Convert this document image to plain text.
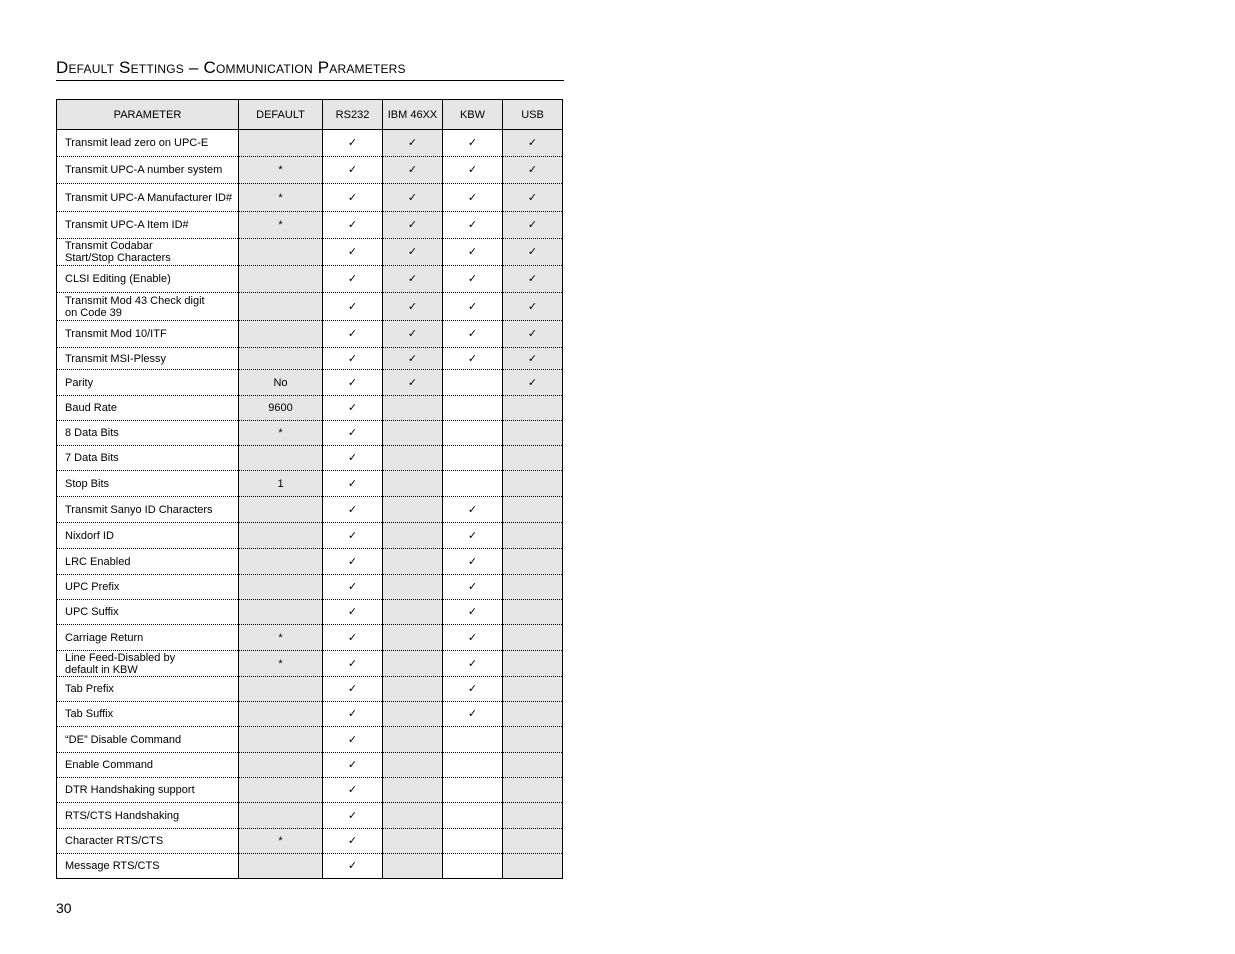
Default Settings – Communication Parameters
PARAMETER	DEFAULT	RS232	IBM 46XX	KBW	USB
Transmit lead zero on UPC-E		✓	✓	✓	✓
Transmit UPC-A number system	*	✓	✓	✓	✓
Transmit UPC-A Manufacturer ID#	*	✓	✓	✓	✓
Transmit UPC-A Item ID#	*	✓	✓	✓	✓
Transmit Codabar
Start/Stop Characters		✓	✓	✓	✓
CLSI Editing (Enable)		✓	✓	✓	✓
Transmit Mod 43 Check digit
on Code 39		✓	✓	✓	✓
Transmit Mod 10/ITF		✓	✓	✓	✓
Transmit MSI-Plessy		✓	✓	✓	✓
Parity	No	✓	✓		✓
Baud Rate	9600	✓			
8 Data Bits	*	✓			
7 Data Bits		✓			
Stop Bits	1	✓			
Transmit Sanyo ID Characters		✓		✓	
Nixdorf ID		✓		✓	
LRC Enabled		✓		✓	
UPC Prefix		✓		✓	
UPC Suffix		✓		✓	
Carriage Return	*	✓		✓	
Line Feed-Disabled by
default in KBW	*	✓		✓	
Tab Prefix		✓		✓	
Tab Suffix		✓		✓	
“DE” Disable Command		✓			
Enable Command		✓			
DTR Handshaking support		✓			
RTS/CTS Handshaking		✓			
Character RTS/CTS	*	✓			
Message RTS/CTS		✓			
30
